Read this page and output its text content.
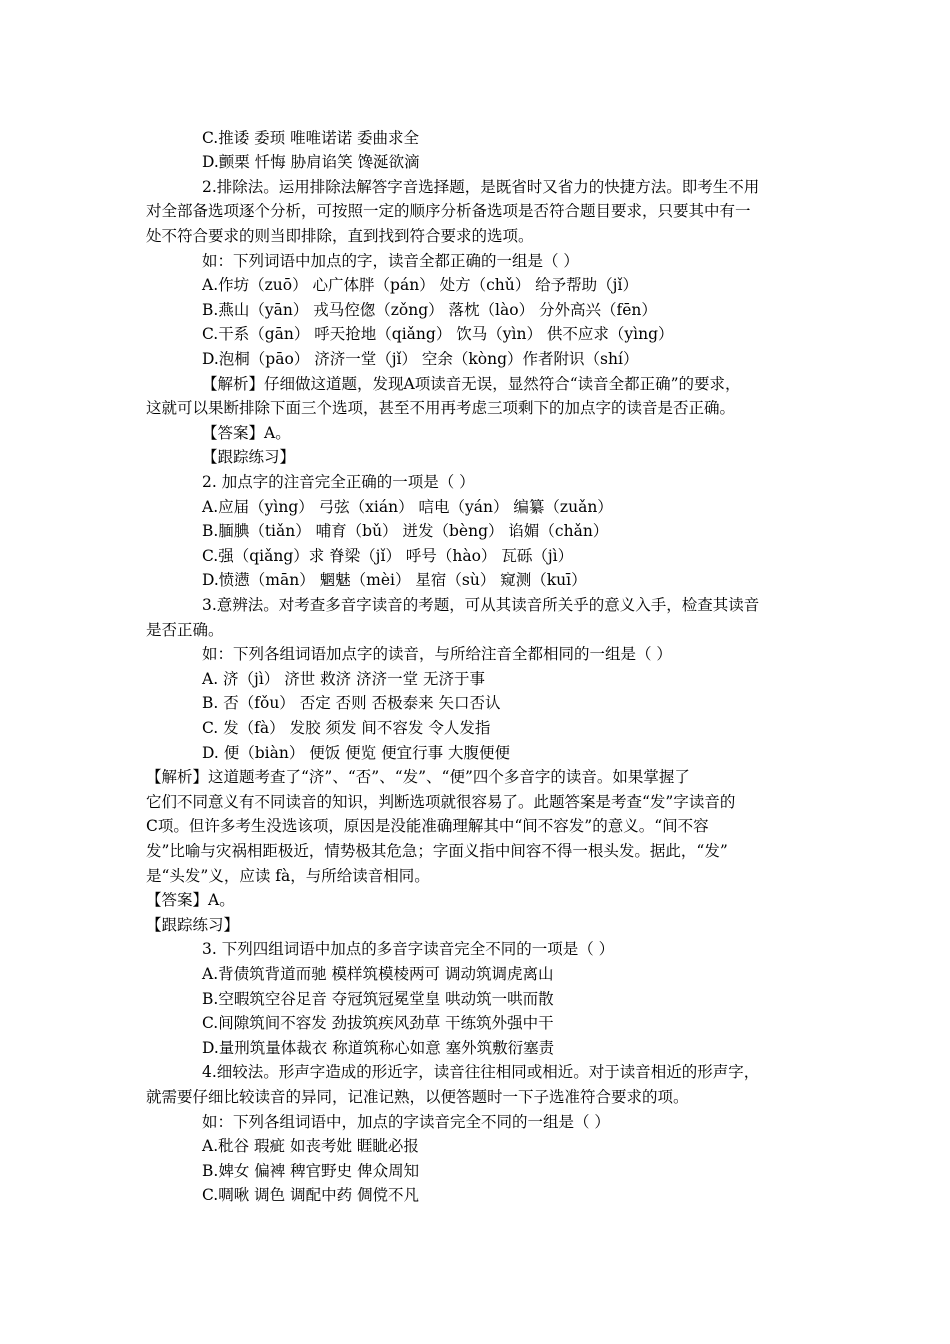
C.推诿 委顼 唯唯诺诺 委曲求全
D.颤栗 忏悔 胁肩谄笑 馋涎欲滴
2.排除法。运用排除法解答字音选择题，是既省时又省力的快捷方法。即考生不用
对全部备选项逐个分析，可按照一定的顺序分析备选项是否符合题目要求，只要其中有一
处不符合要求的则当即排除，直到找到符合要求的选项。
如：下列词语中加点的字，读音全都正确的一组是（ ）
A.作坊（zuō） 心广体胖（pán） 处方（chǔ） 给予帮助（jǐ）
B.燕山（yān） 戎马倥偬（zǒng） 落枕（lào） 分外高兴（fēn）
C.干系（gān） 呼天抢地（qiǎng） 饮马（yìn） 供不应求（yìng）
D.泡桐（pāo） 济济一堂（jǐ） 空余（kòng）作者附识（shí）
【解析】仔细做这道题，发现A项读音无误，显然符合“读音全都正确”的要求，
这就可以果断排除下面三个选项，甚至不用再考虑三项剩下的加点字的读音是否正确。
【答案】A。
【跟踪练习】
2. 加点字的注音完全正确的一项是（ ）
A.应届（yìng） 弓弦（xián） 唁电（yán） 编纂（zuǎn）
B.腼腆（tiǎn） 哺育（bǔ） 迸发（bèng） 谄媚（chǎn）
C.强（qiǎng）求 脊梁（jǐ） 呼号（hào） 瓦砾（jì）
D.愤懑（mān） 魍魅（mèi） 星宿（sù） 窥测（kuī）
3.意辨法。对考查多音字读音的考题，可从其读音所关乎的意义入手，检查其读音
是否正确。
如：下列各组词语加点字的读音，与所给注音全都相同的一组是（ ）
A. 济（jì） 济世 救济 济济一堂 无济于事
B. 否（fǒu） 否定 否则 否极泰来 矢口否认
C. 发（fà） 发胶 须发 间不容发 令人发指
D. 便（biàn） 便饭 便览 便宜行事 大腹便便
【解析】这道题考查了“济”、“否”、“发”、“便”四个多音字的读音。如果掌握了
它们不同意义有不同读音的知识，判断选项就很容易了。此题答案是考查“发”字读音的
C项。但许多考生没选该项，原因是没能准确理解其中“间不容发”的意义。“间不容
发”比喻与灾祸相距极近，情势极其危急；字面义指中间容不得一根头发。据此，“发”
是“头发”义，应读 fà，与所给读音相同。
【答案】A。
【跟踪练习】
3. 下列四组词语中加点的多音字读音完全不同的一项是（ ）
A.背债筑背道而驰 模样筑模棱两可 调动筑调虎离山
B.空暇筑空谷足音 夺冠筑冠冕堂皇 哄动筑一哄而散
C.间隙筑间不容发 劲拔筑疾风劲草 干练筑外强中干
D.量刑筑量体裁衣 称道筑称心如意 塞外筑敷衍塞责
4.细较法。形声字造成的形近字，读音往往相同或相近。对于读音相近的形声字，
就需要仔细比较读音的异同，记准记熟，以便答题时一下子选准符合要求的项。
如：下列各组词语中，加点的字读音完全不同的一组是（ ）
A.秕谷 瑕疵 如丧考妣 睚眦必报
B.婢女 偏裨 稗官野史 俾众周知
C.啁啾 调色 调配中药 倜傥不凡
